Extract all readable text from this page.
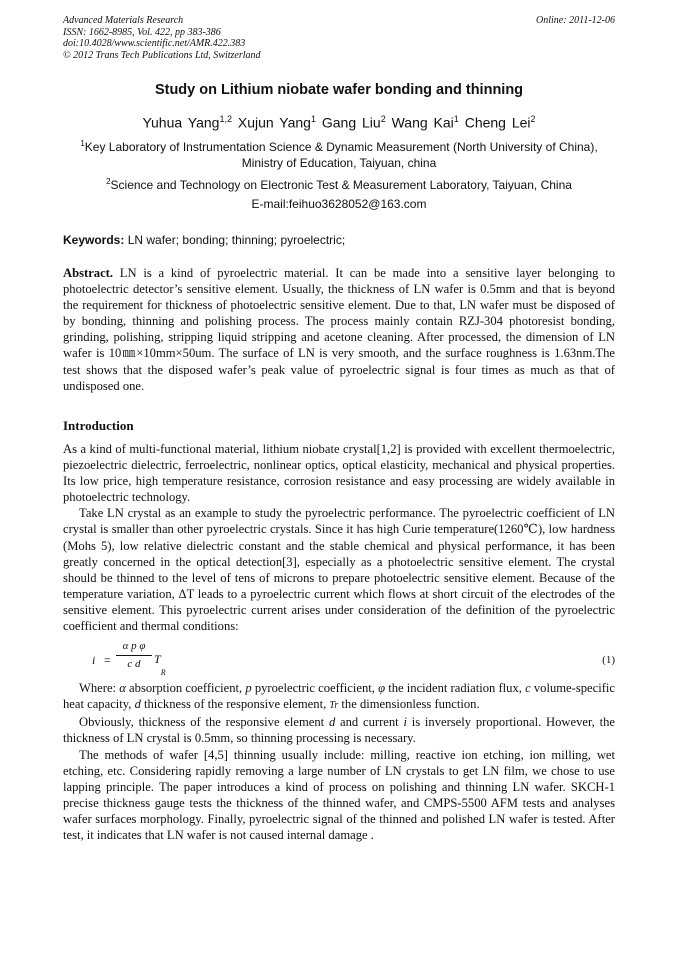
Advanced Materials Research
ISSN: 1662-8985, Vol. 422, pp 383-386
doi:10.4028/www.scientific.net/AMR.422.383
© 2012 Trans Tech Publications Ltd, Switzerland
Online: 2011-12-06
Study on Lithium niobate wafer bonding and thinning
Yuhua Yang$^{1,2}$ Xujun Yang$^1$ Gang Liu$^2$ Wang Kai$^1$ Cheng Lei$^2$
$^1$Key Laboratory of Instrumentation Science & Dynamic Measurement (North University of China), Ministry of Education, Taiyuan, china
$^2$Science and Technology on Electronic Test & Measurement Laboratory, Taiyuan, China
E-mail:feihuo3628052@163.com
Keywords: LN wafer; bonding; thinning; pyroelectric;
Abstract. LN is a kind of pyroelectric material. It can be made into a sensitive layer belonging to photoelectric detector’s sensitive element. Usually, the thickness of LN wafer is 0.5mm and that is beyond the requirement for thickness of photoelectric sensitive element. Due to that, LN wafer must be disposed of by bonding, thinning and polishing process. The process mainly contain RZJ-304 photoresist bonding, grinding, polishing, stripping liquid stripping and acetone cleaning. After processed, the dimension of LN wafer is 10㎜×10mm×50um. The surface of LN is very smooth, and the surface roughness is 1.63nm.The test shows that the disposed wafer’s peak value of pyroelectric signal is four times as much as that of undisposed one.
Introduction

As a kind of multi-functional material, lithium niobate crystal[1,2] is provided with excellent thermoelectric, piezoelectric dielectric, ferroelectric, nonlinear optics, optical elasticity, mechanical and physical properties. Its low price, high temperature resistance, corrosion resistance and easy processing are widely available in photoelectric technology.

Take LN crystal as an example to study the pyroelectric performance. The pyroelectric coefficient of LN crystal is smaller than other pyroelectric crystals. Since it has high Curie temperature(1260℃), low hardness (Mohs 5), low relative dielectric constant and the stable chemical and physical performance, it has been greatly concerned in the optical detection[3], especially as a photoelectric sensitive element. The crystal should be thinned to the level of tens of microns to prepare photoelectric sensitive element. Because of the temperature variation, ΔT leads to a pyroelectric current which flows at short circuit of the electrodes of the sensitive element. This pyroelectric current arises under consideration of the definition of the pyroelectric coefficient and thermal conditions:

i =
α p φ
c d	$T_R$
(1)

Where: α absorption coefficient, p pyroelectric coefficient, φ the incident radiation flux, c volume-specific heat capacity, d thickness of the responsive element, Tr the dimensionless function.

Obviously, thickness of the responsive element d and current i is inversely proportional. However, the thickness of LN crystal is 0.5mm, so thinning processing is necessary.

The methods of wafer [4,5] thinning usually include: milling, reactive ion etching, ion milling, wet etching, etc. Considering rapidly removing a large number of LN crystals to get LN film, we chose to use lapping principle. The paper introduces a kind of process on polishing and thinning LN wafer. SKCH-1 precise thickness gauge tests the thickness of the thinned wafer, and CMPS-5500 AFM tests and analyses wafer surfaces morphology. Finally, pyroelectric signal of the thinned and polished LN wafer is tested. After test, it indicates that LN wafer is not caused internal damage .
